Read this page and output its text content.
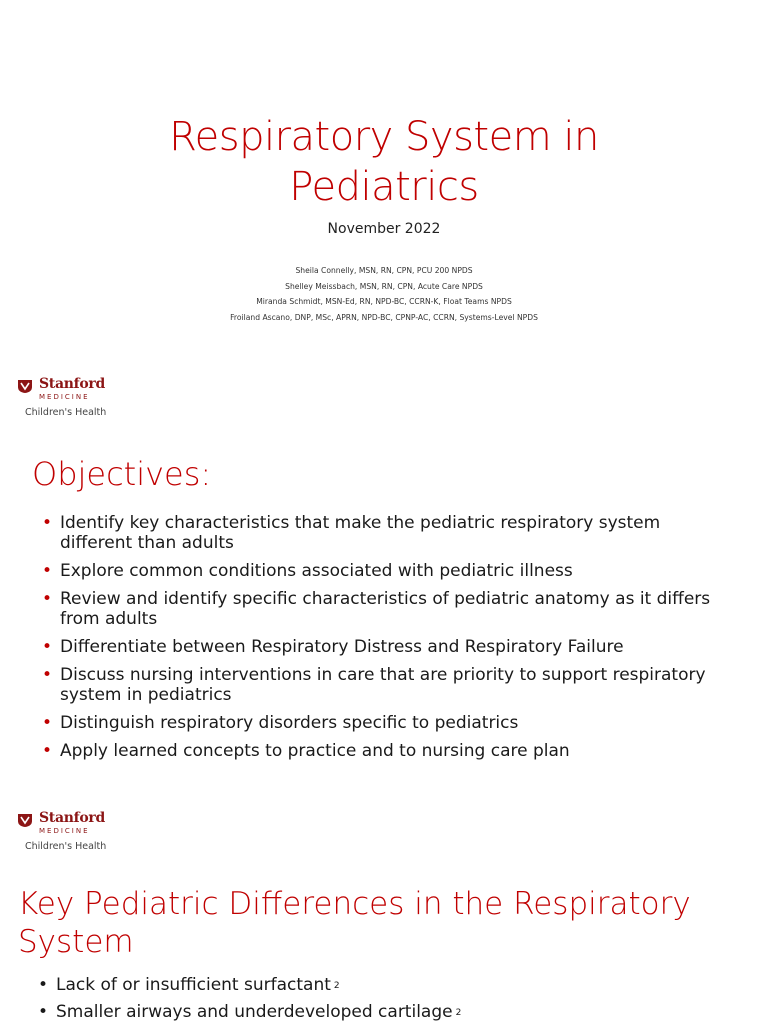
Respiratory System in
Pediatrics
November 2022
Sheila Connelly, MSN, RN, CPN, PCU 200 NPDS
Shelley Meissbach, MSN, RN, CPN, Acute Care NPDS
Miranda Schmidt, MSN-Ed, RN, NPD-BC, CCRN-K, Float Teams NPDS
Froiland Ascano, DNP, MSc, APRN, NPD-BC, CPNP-AC, CCRN, Systems-Level NPDS
Stanford
MEDICINE
Children's Health
Objectives:
• Identify key characteristics that make the pediatric respiratory system different than adults
• Explore common conditions associated with pediatric illness
• Review and identify specific characteristics of pediatric anatomy as it differs from adults
• Differentiate between Respiratory Distress and Respiratory Failure
• Discuss nursing interventions in care that are priority to support respiratory system in pediatrics
• Distinguish respiratory disorders specific to pediatrics
• Apply learned concepts to practice and to nursing care plan
Stanford
MEDICINE
Children's Health
Key Pediatric Differences in the Respiratory System
• Lack of or insufficient surfactant $^2$
• Smaller airways and underdeveloped cartilage $^2$
